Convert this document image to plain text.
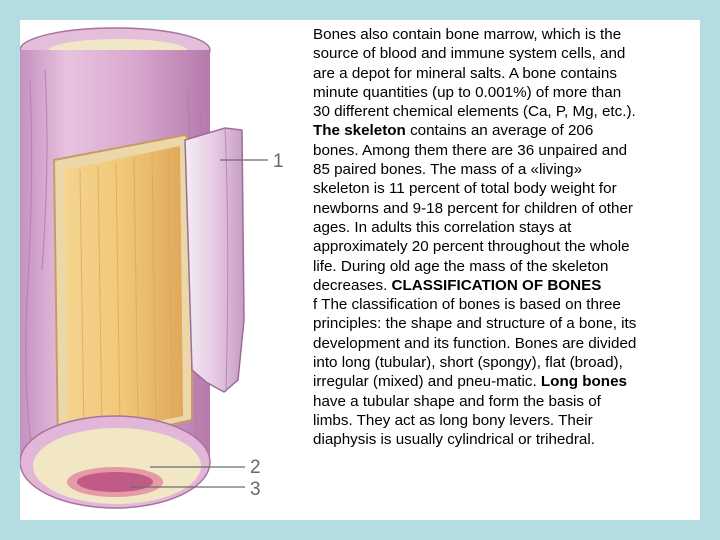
1
2
3

Bones also contain bone marrow, which is the
source of blood and immune system cells, and
are a depot for mineral salts. A bone contains
minute quantities (up to 0.001%) of more than
30 different chemical elements (Ca, P, Mg, etc.).
The skeleton contains an average of 206
bones. Among them there are 36 unpaired and
85 paired bones. The mass of a «living»
skeleton is 11 percent of total body weight for
newborns and 9-18 percent for children of other
ages. In adults this correlation stays at
approximately 20 percent throughout the whole
life. During old age the mass of the skeleton
decreases. CLASSIFICATION OF BONES
f The classification of bones is based on three
principles: the shape and structure of a bone, its
development and its function. Bones are divided
into long (tubular), short (spongy), flat (broad),
irregular (mixed) and pneu-matic. Long bones
have a tubular shape and form the basis of
limbs. They act as long bony levers. Their
diaphysis is usually cylindrical or trihedral.
